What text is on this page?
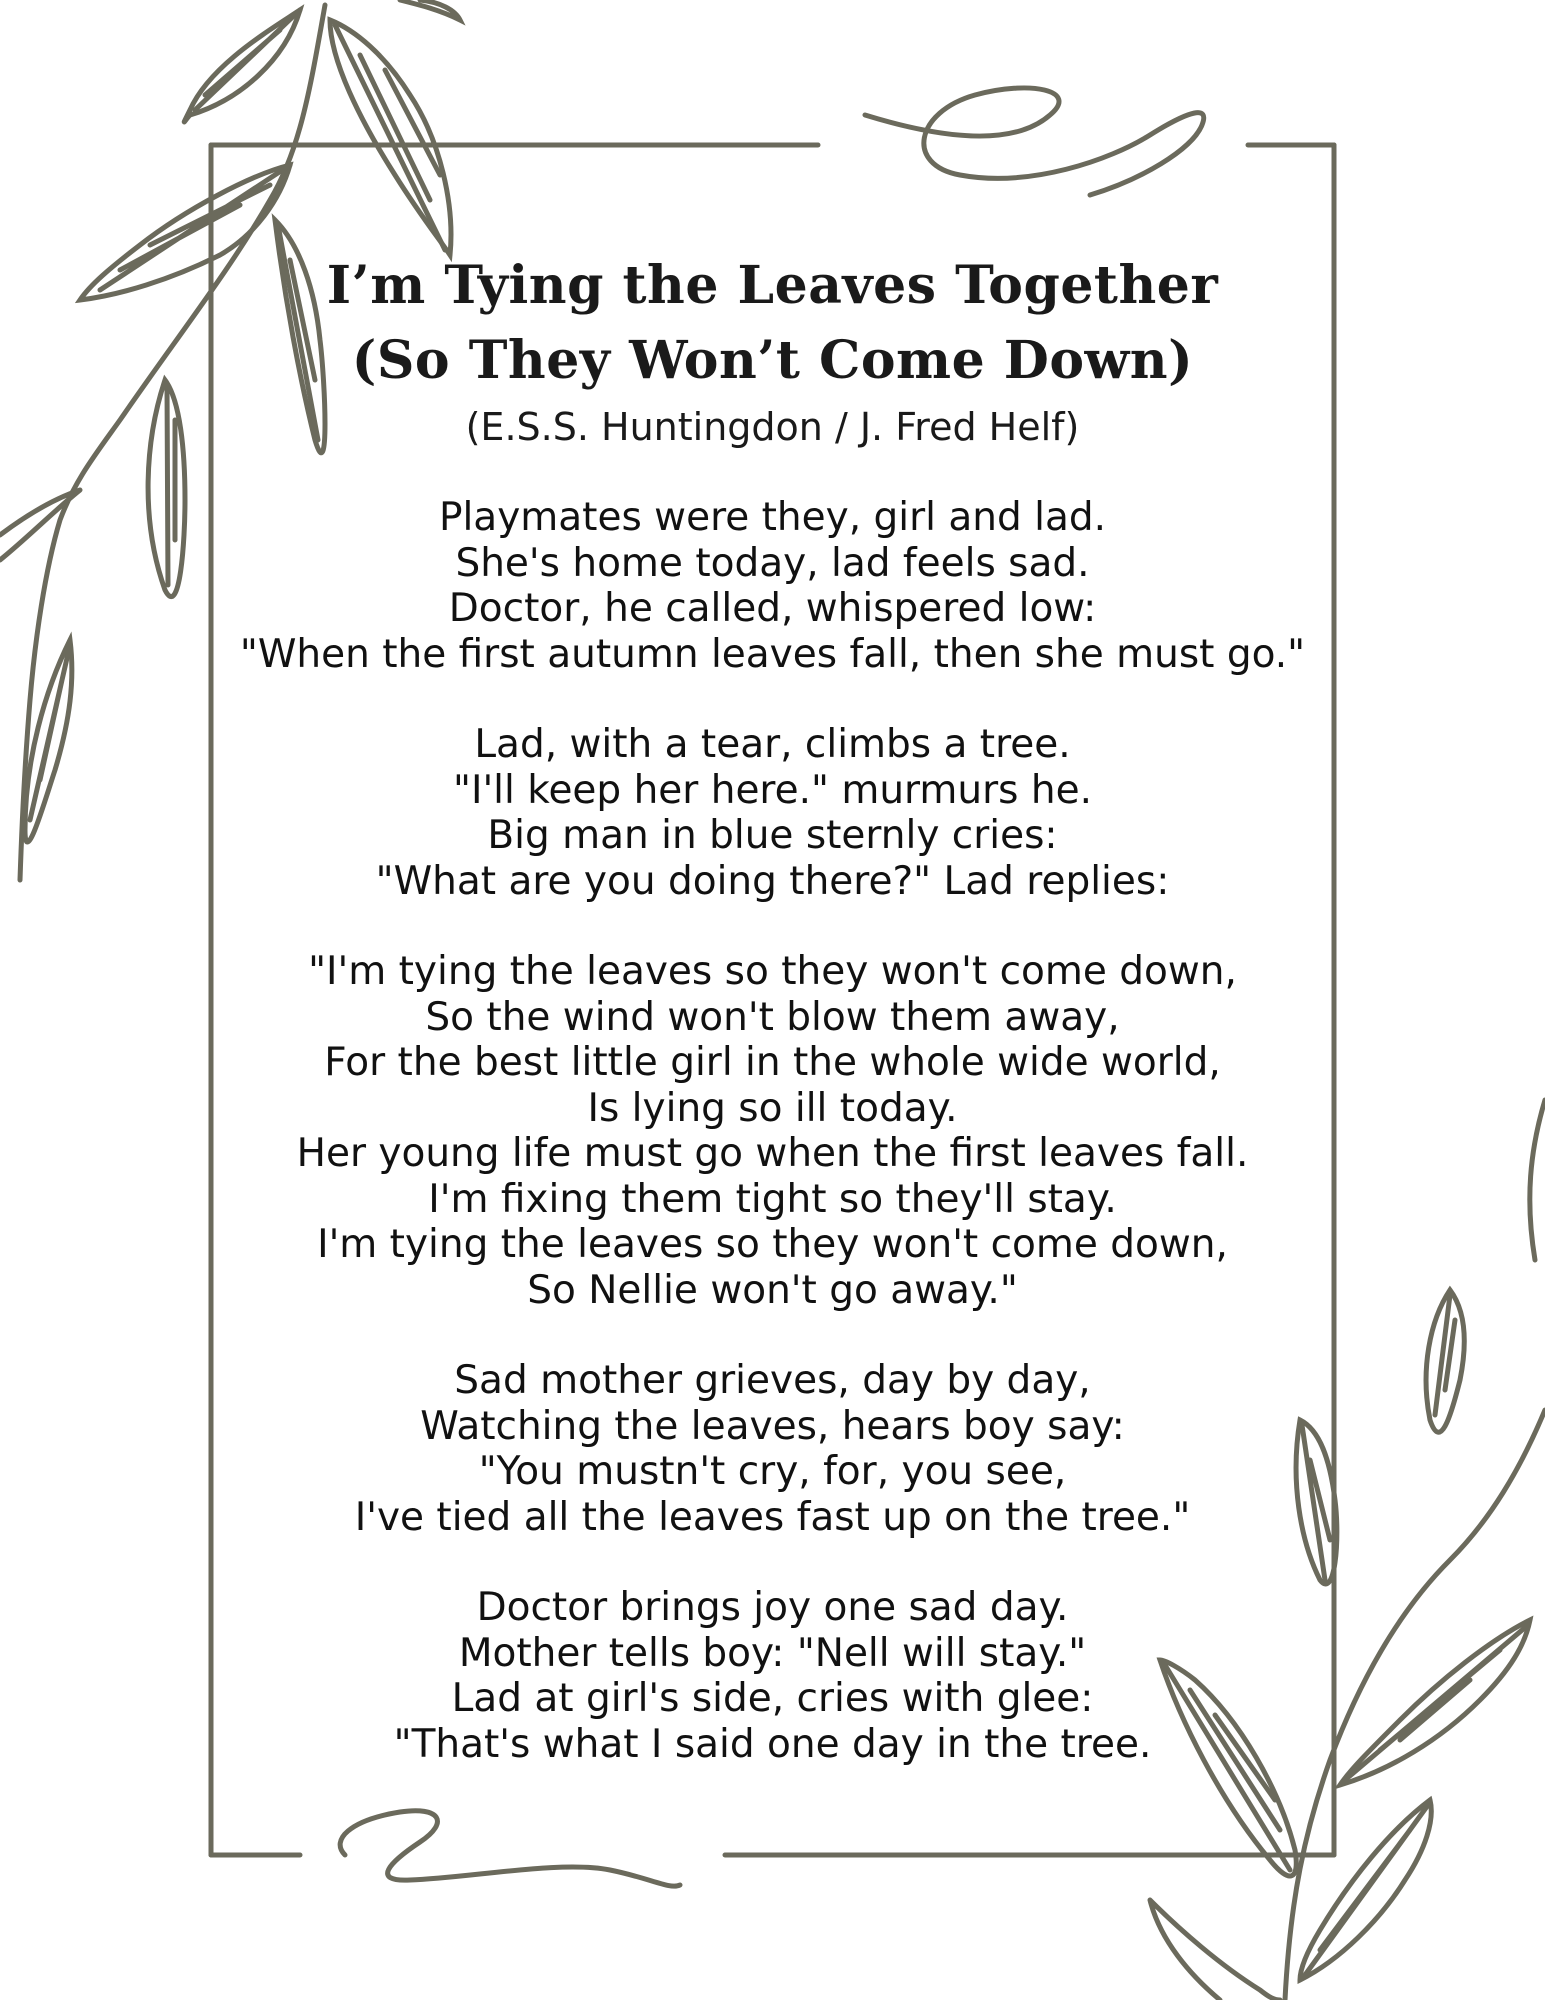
I’m Tying the Leaves Together
(So They Won’t Come Down)
(E.S.S. Huntingdon / J. Fred Helf)
Playmates were they, girl and lad.
She's home today, lad feels sad.
Doctor, he called, whispered low:
"When the first autumn leaves fall, then she must go."
Lad, with a tear, climbs a tree.
"I'll keep her here." murmurs he.
Big man in blue sternly cries:
"What are you doing there?" Lad replies:
"I'm tying the leaves so they won't come down,
So the wind won't blow them away,
For the best little girl in the whole wide world,
Is lying so ill today.
Her young life must go when the first leaves fall.
I'm fixing them tight so they'll stay.
I'm tying the leaves so they won't come down,
So Nellie won't go away."
Sad mother grieves, day by day,
Watching the leaves, hears boy say:
"You mustn't cry, for, you see,
I've tied all the leaves fast up on the tree."
Doctor brings joy one sad day.
Mother tells boy: "Nell will stay."
Lad at girl's side, cries with glee:
"That's what I said one day in the tree.
